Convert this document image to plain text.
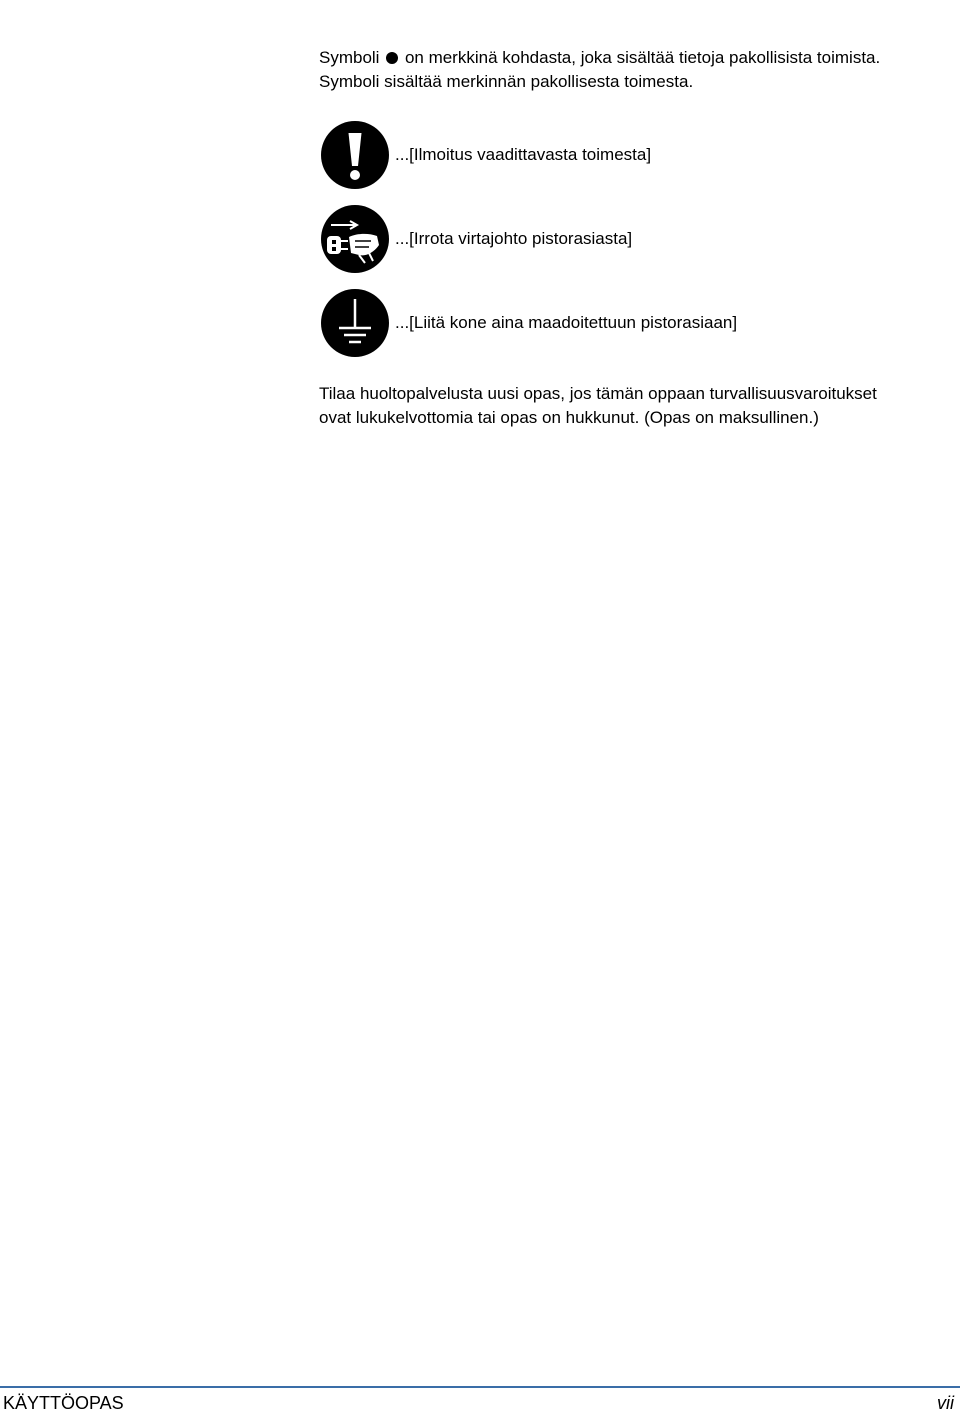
Symboli on merkkinä kohdasta, joka sisältää tietoja pakollisista toimista.

Symboli sisältää merkinnän pakollisesta toimesta.

...[Ilmoitus vaadittavasta toimesta]
...[Irrota virtajohto pistorasiasta]
...[Liitä kone aina maadoitettuun pistorasiaan]

Tilaa huoltopalvelusta uusi opas, jos tämän oppaan turvallisuusvaroitukset

ovat lukukelvottomia tai opas on hukkunut. (Opas on maksullinen.)

KÄYTTÖOPAS	vii
